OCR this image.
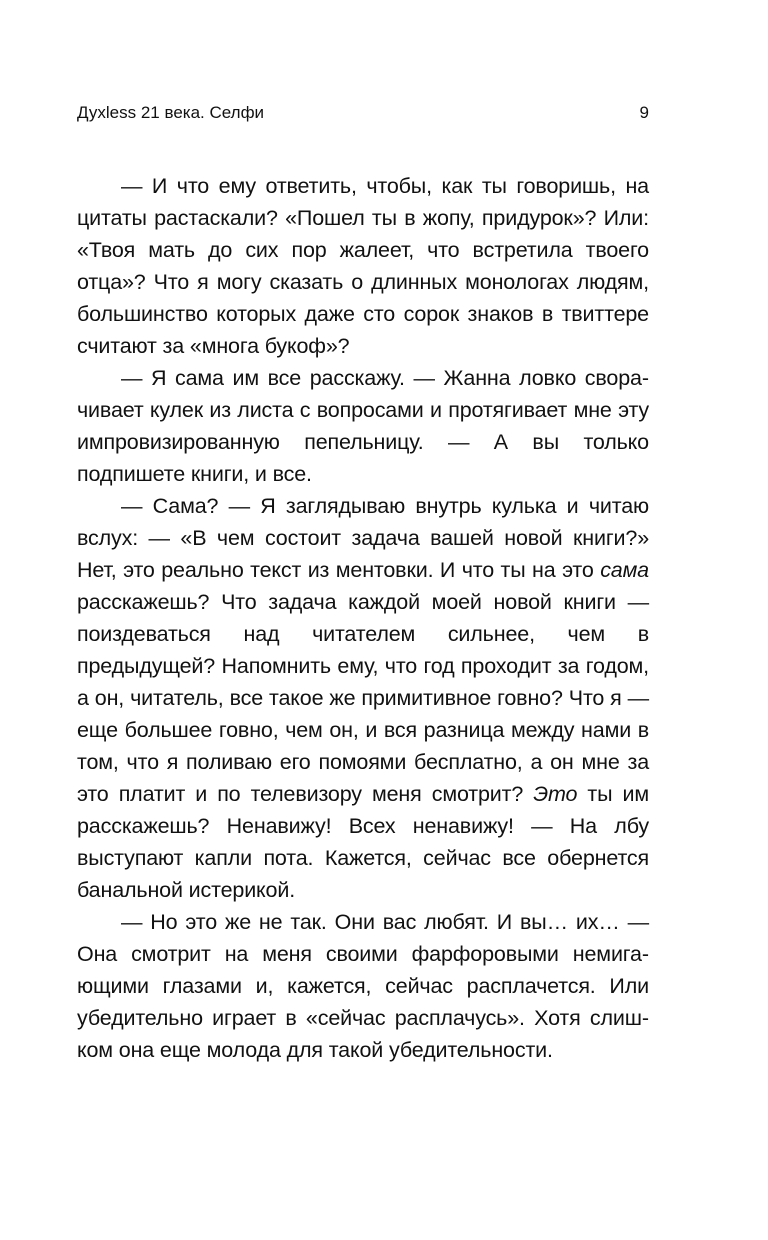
Духless 21 века. Селфи	9

— И что ему ответить, чтобы, как ты говоришь, на цитаты растаскали? «Пошел ты в жопу, придурок»? Или: «Твоя мать до сих пор жалеет, что встретила твоего отца»? Что я могу сказать о длинных монологах людям, большинство которых даже сто сорок знаков в твиттере считают за «многа букоф»?

— Я сама им все расскажу. — Жанна ловко сворачивает кулек из листа с вопросами и протягивает мне эту импровизированную пепельницу. — А вы только подпишете книги, и все.

— Сама? — Я заглядываю внутрь кулька и читаю вслух: — «В чем состоит задача вашей новой книги?» Нет, это реально текст из ментовки. И что ты на это сама расскажешь? Что задача каждой моей новой книги — поиздеваться над читателем сильнее, чем в предыдущей? Напомнить ему, что год проходит за годом, а он, читатель, все такое же примитивное говно? Что я — еще большее говно, чем он, и вся разница между нами в том, что я поливаю его помоями бесплатно, а он мне за это платит и по телевизору меня смотрит? Это ты им расскажешь? Ненавижу! Всех ненавижу! — На лбу выступают капли пота. Кажется, сейчас все обернется банальной истерикой.

— Но это же не так. Они вас любят. И вы… их… — Она смотрит на меня своими фарфоровыми немигающими глазами и, кажется, сейчас расплачется. Или убедительно играет в «сейчас расплачусь». Хотя слишком она еще молода для такой убедительности.
